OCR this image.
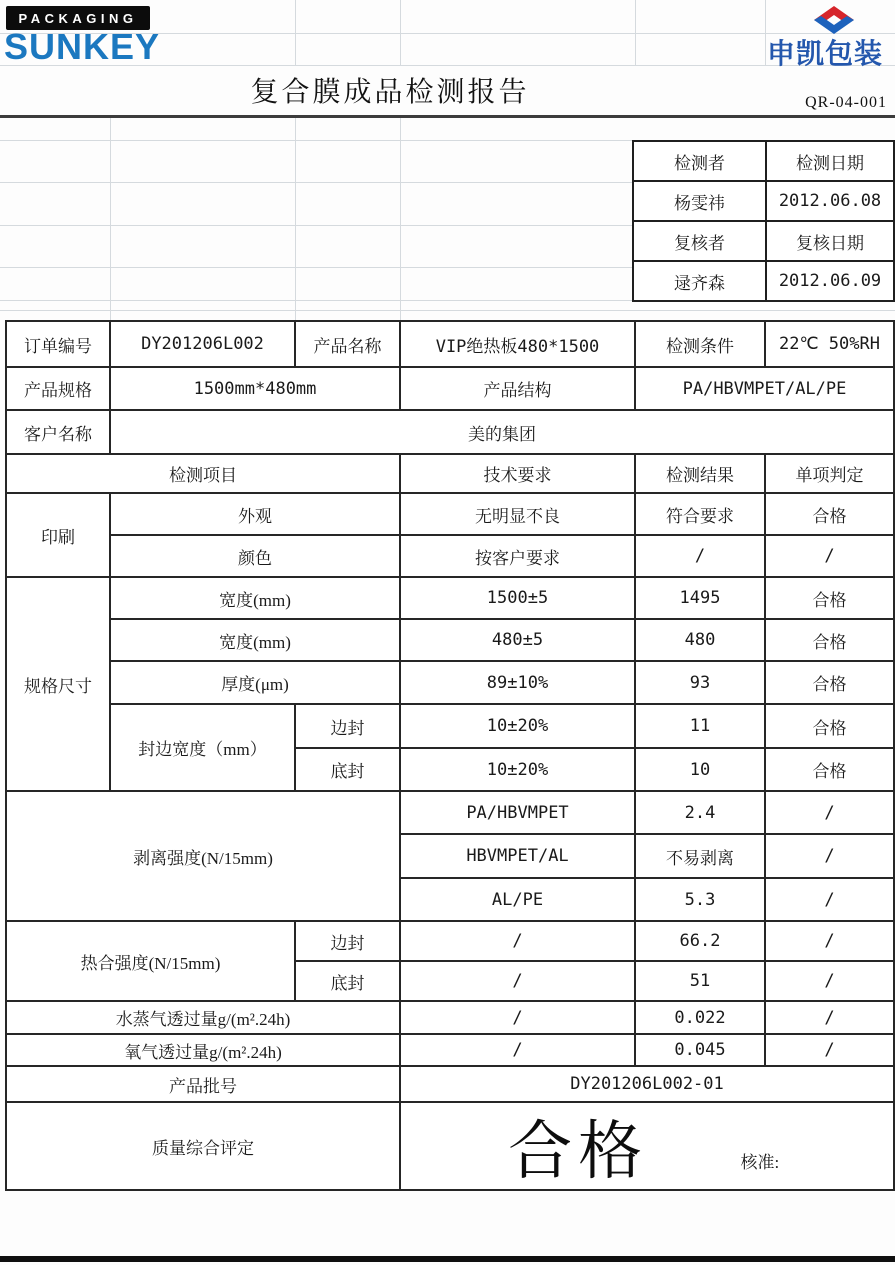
PACKAGING
SUNKEY	申凯包装
复合膜成品检测报告	QR-04-001
检测者	检测日期
杨雯祎	2012.06.08
复核者	复核日期
逯齐森	2012.06.09
订单编号	DY201206L002	产品名称	VIP绝热板480*1500	检测条件	22℃ 50%RH
产品规格	1500mm*480mm		产品结构	PA/HBVMPET/AL/PE	
客户名称	美的集团				
检测项目			技术要求	检测结果	单项判定
印刷	外观		无明显不良	符合要求	合格
	颜色		按客户要求	/	/
规格尺寸	宽度(mm)		1500±5	1495	合格
	宽度(mm)		480±5	480	合格
	厚度(μm)		89±10%	93	合格
	封边宽度（mm）	边封	10±20%	11	合格
		底封	10±20%	10	合格
剥离强度(N/15mm)			PA/HBVMPET	2.4	/
			HBVMPET/AL	不易剥离	/
			AL/PE	5.3	/
热合强度(N/15mm)		边封	/	66.2	/
		底封	/	51	/
水蒸气透过量g/(m².24h)			/	0.022	/
氧气透过量g/(m².24h)			/	0.045	/
产品批号			DY201206L002-01		
质量综合评定			合格 核准:		
